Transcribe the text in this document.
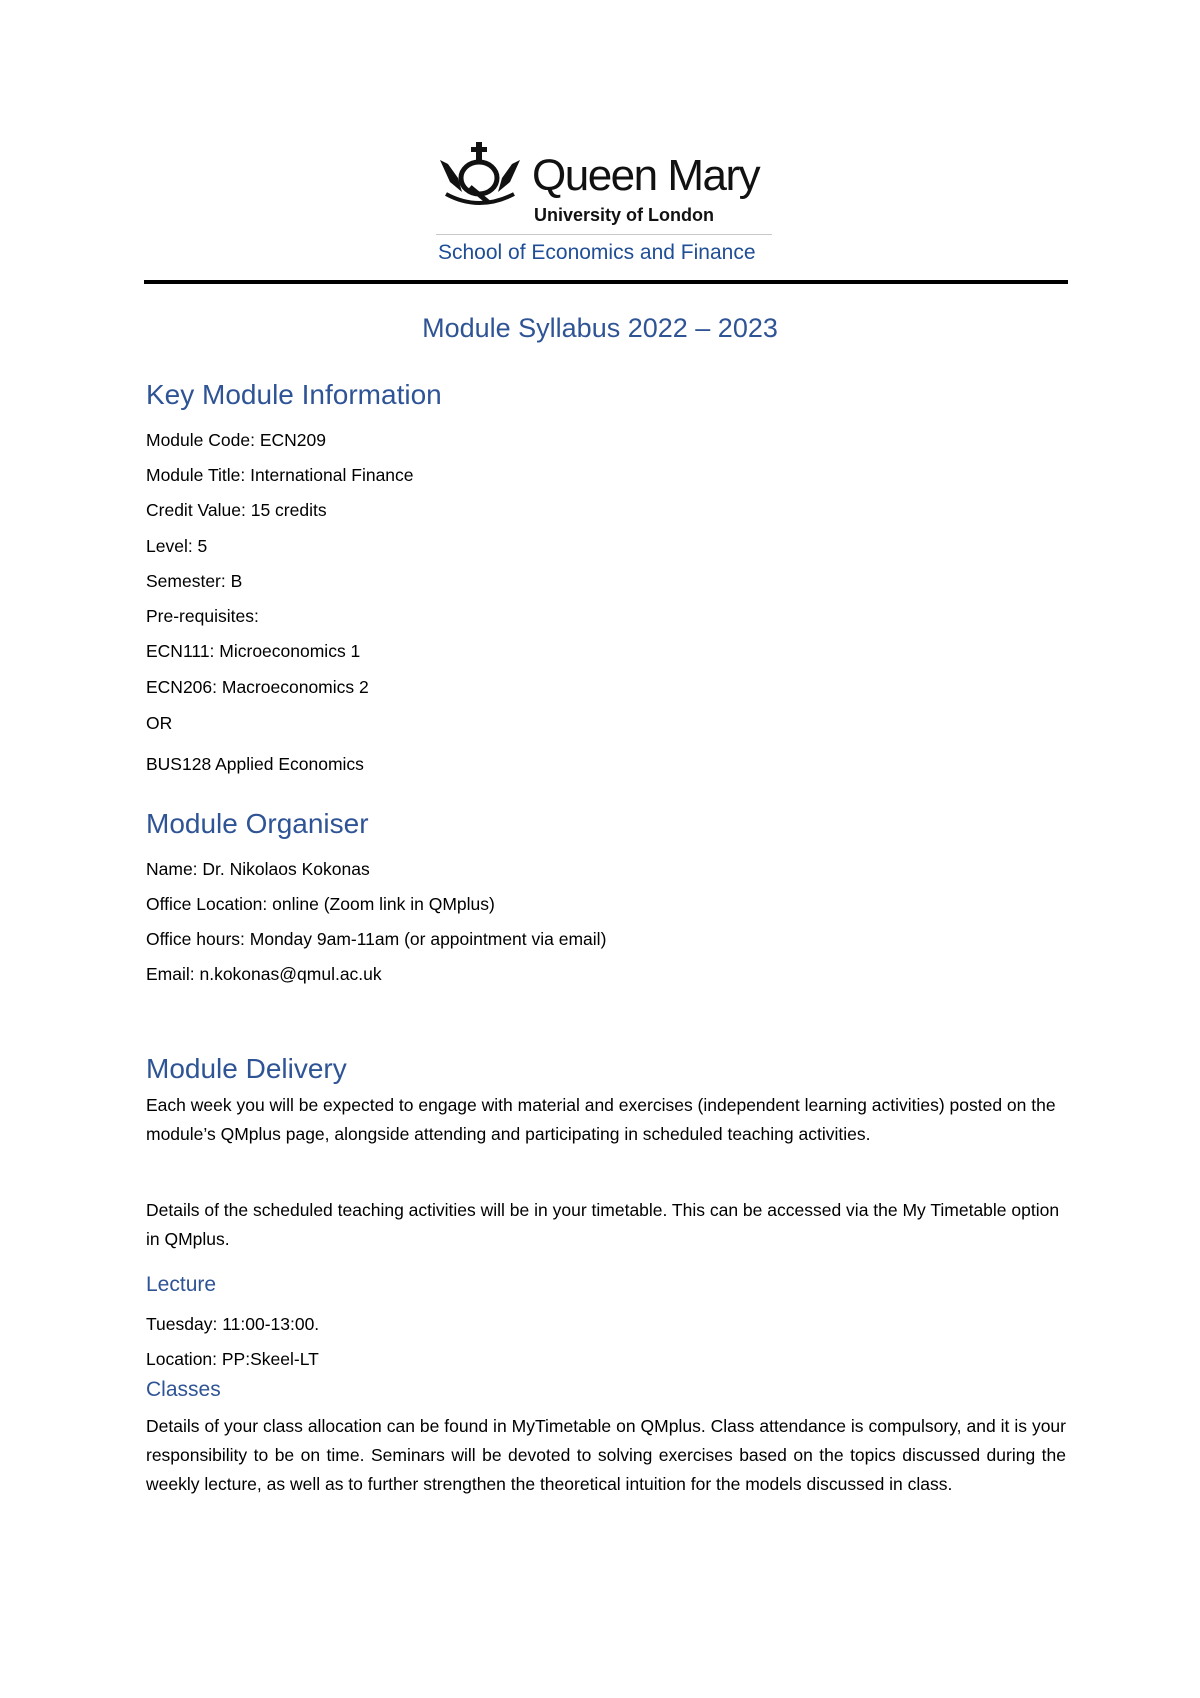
Queen Mary
University of London
School of Economics and Finance
Module Syllabus 2022 – 2023
Key Module Information
Module Code: ECN209
Module Title: International Finance
Credit Value: 15 credits
Level: 5
Semester: B
Pre-requisites:
ECN111: Microeconomics 1
ECN206: Macroeconomics 2
OR
BUS128 Applied Economics
Module Organiser
Name: Dr. Nikolaos Kokonas
Office Location: online (Zoom link in QMplus)
Office hours: Monday 9am-11am (or appointment via email)
Email: n.kokonas@qmul.ac.uk
Module Delivery
Each week you will be expected to engage with material and exercises (independent learning activities) posted on the module’s QMplus page, alongside attending and participating in scheduled teaching activities.
Details of the scheduled teaching activities will be in your timetable. This can be accessed via the My Timetable option in QMplus.
Lecture
Tuesday: 11:00-13:00.
Location: PP:Skeel-LT
Classes
Details of your class allocation can be found in MyTimetable on QMplus. Class attendance is compulsory, and it is your responsibility to be on time. Seminars will be devoted to solving exercises based on the topics discussed during the weekly lecture, as well as to further strengthen the theoretical intuition for the models discussed in class.
